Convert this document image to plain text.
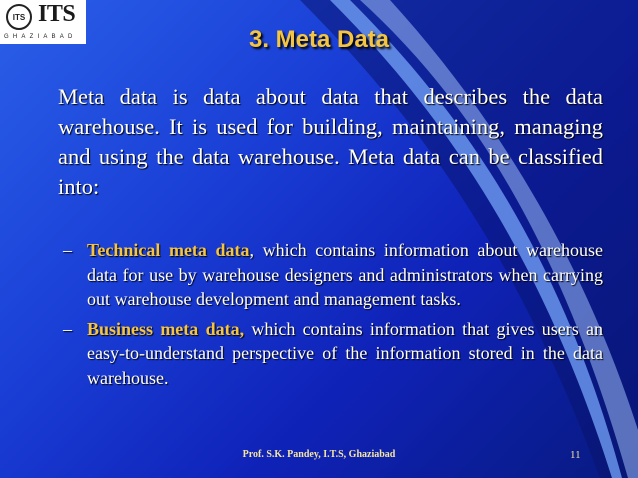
ITS ITS
GHAZIABAD	3. Meta Data
Meta data is data about data that describes the data warehouse. It is used for building, maintaining, managing and using the data warehouse. Meta data can be classified into:
– Technical meta data, which contains information about warehouse data for use by warehouse designers and administrators when carrying out warehouse development and management tasks.
– Business meta data, which contains information that gives users an easy-to-understand perspective of the information stored in the data warehouse.
Prof. S.K. Pandey, I.T.S, Ghaziabad	11
